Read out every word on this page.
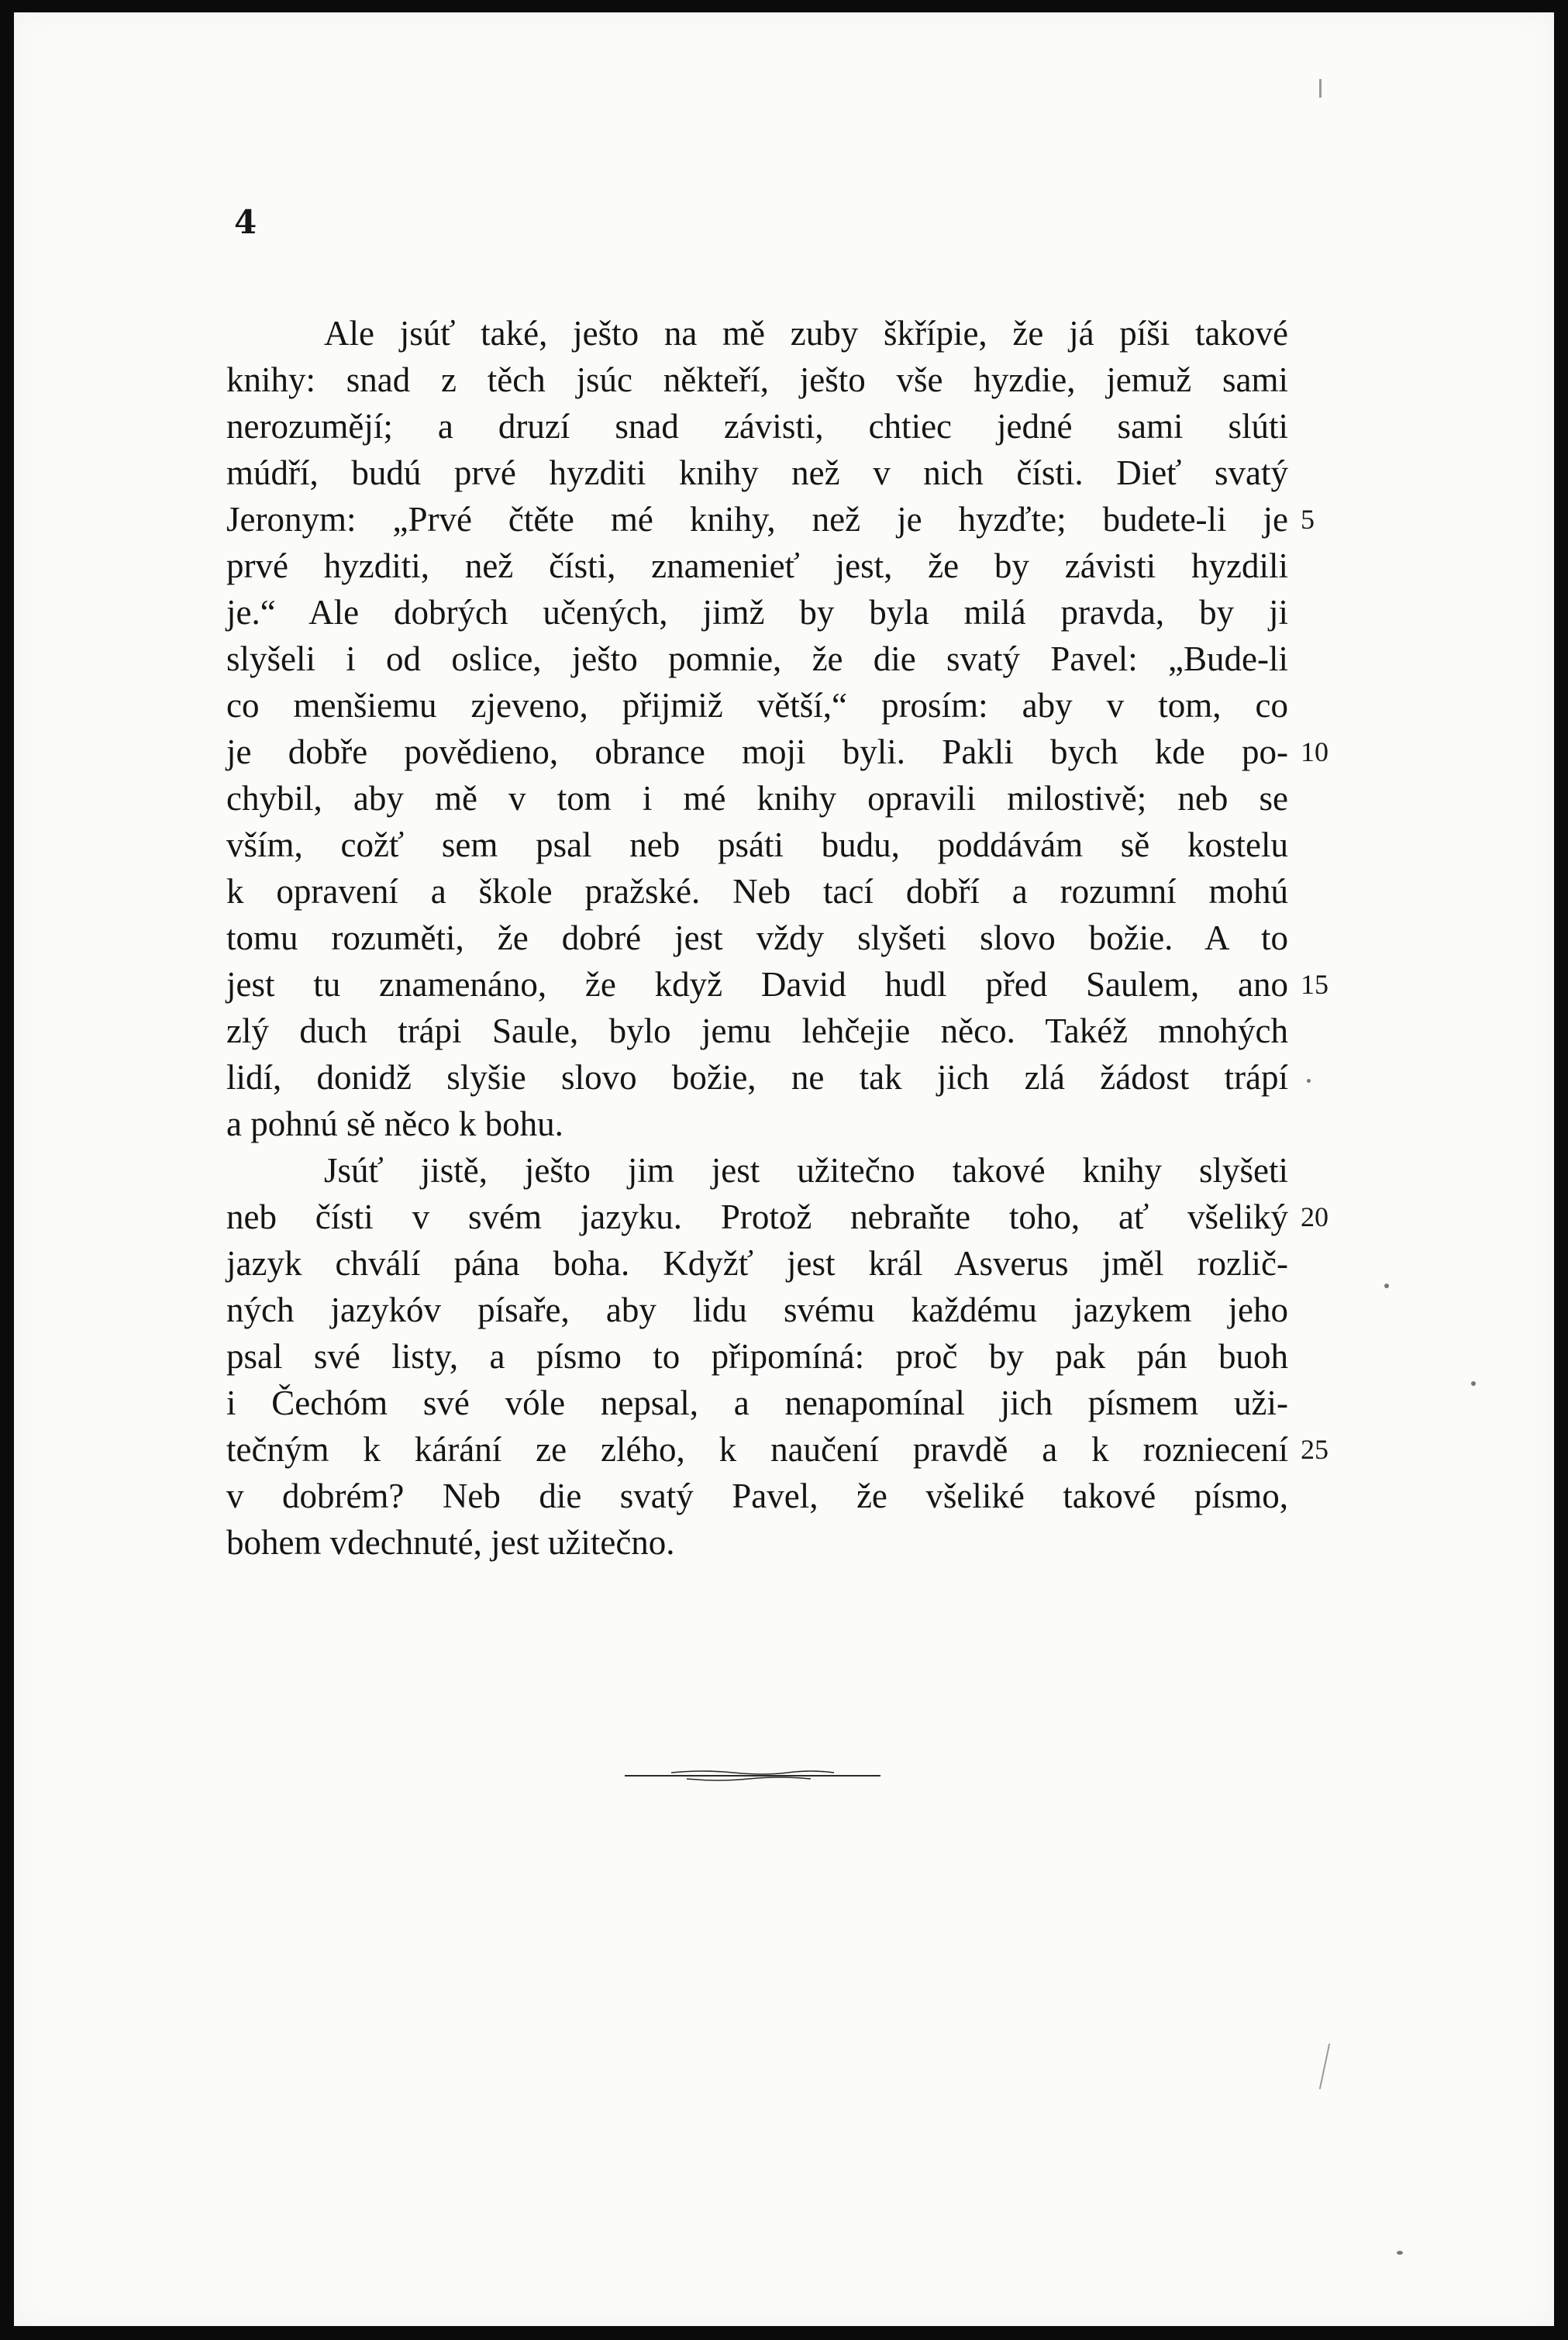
4
Ale jsúť také, ješto na mě zuby škřípie, že já píši takové
knihy: snad z těch jsúc někteří, ješto vše hyzdie, jemuž sami
nerozumějí; a druzí snad závisti, chtiec jedné sami slúti
múdří, budú prvé hyzditi knihy než v nich čísti. Dieť svatý
Jeronym: „Prvé čtěte mé knihy, než je hyzďte; budete-li je
prvé hyzditi, než čísti, znamenieť jest, že by závisti hyzdili
je.“ Ale dobrých učených, jimž by byla milá pravda, by ji
slyšeli i od oslice, ješto pomnie, že die svatý Pavel: „Bude-li
co menšiemu zjeveno, přijmiž větší,“ prosím: aby v tom, co
je dobře povědieno, obrance moji byli. Pakli bych kde po-
chybil, aby mě v tom i mé knihy opravili milostivě; neb se
vším, cožť sem psal neb psáti budu, poddávám sě kostelu
k opravení a škole pražské. Neb tací dobří a rozumní mohú
tomu rozuměti, že dobré jest vždy slyšeti slovo božie. A to
jest tu znamenáno, že když David hudl před Saulem, ano
zlý duch trápi Saule, bylo jemu lehčejie něco. Takéž mnohých
lidí, donidž slyšie slovo božie, ne tak jich zlá žádost trápí
a pohnú sě něco k bohu.
Jsúť jistě, ješto jim jest užitečno takové knihy slyšeti
neb čísti v svém jazyku. Protož nebraňte toho, ať všeliký
jazyk chválí pána boha. Kdyžť jest král Asverus jměl rozlič-
ných jazykóv písaře, aby lidu svému každému jazykem jeho
psal své listy, a písmo to připomíná: proč by pak pán buoh
i Čechóm své vóle nepsal, a nenapomínal jich písmem uži-
tečným k kárání ze zlého, k naučení pravdě a k rozniecení
v dobrém? Neb die svatý Pavel, že všeliké takové písmo,
bohem vdechnuté, jest užitečno.
5
10
15
20
25
